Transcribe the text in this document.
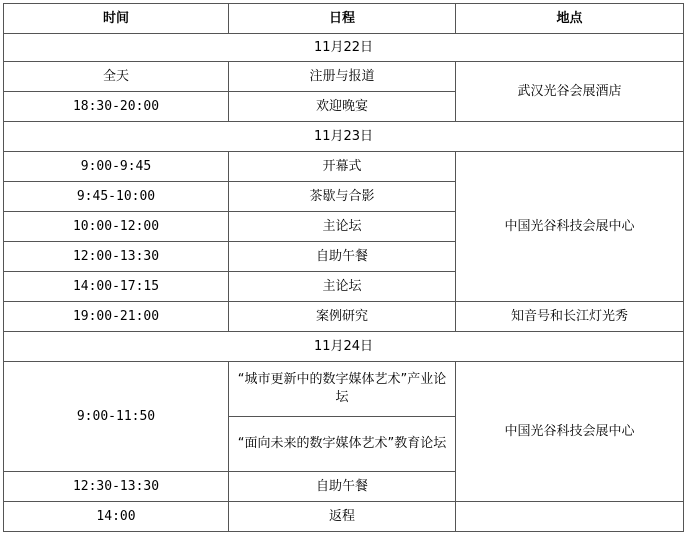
时间	日程	地点
11月22日		
全天	注册与报道	武汉光谷会展酒店
18:30-20:00	欢迎晚宴	
11月23日		
9:00-9:45	开幕式	中国光谷科技会展中心
9:45-10:00	茶歇与合影	
10:00-12:00	主论坛	
12:00-13:30	自助午餐	
14:00-17:15	主论坛	
19:00-21:00	案例研究	知音号和长江灯光秀
11月24日		
9:00-11:50	“城市更新中的数字媒体艺术”产业论坛	中国光谷科技会展中心
	“面向未来的数字媒体艺术”教育论坛	
12:30-13:30	自助午餐	
14:00	返程	
